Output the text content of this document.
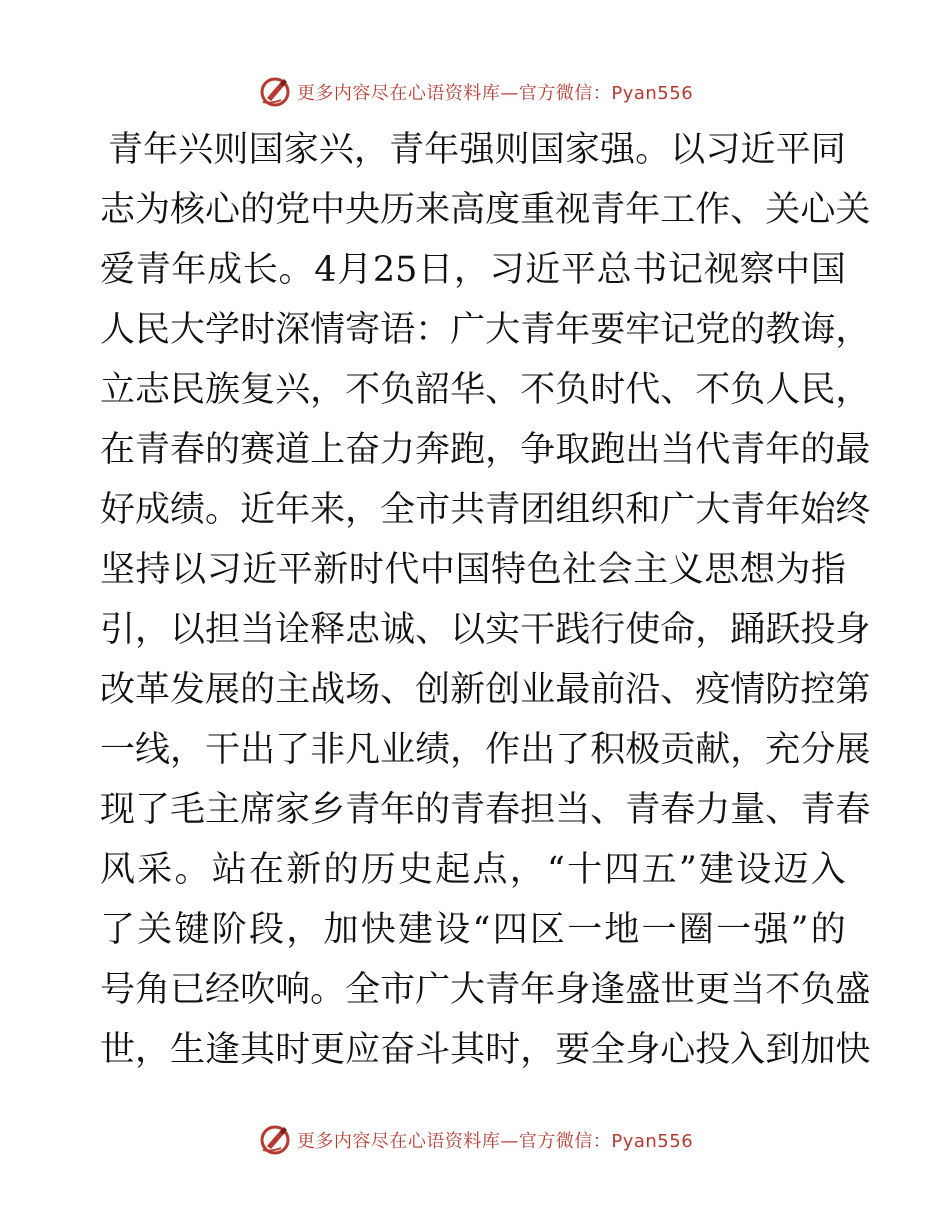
更多内容尽在心语资料库—官方微信：Pyan556
青 年 兴 则 国 家 兴 ， 青 年 强 则 国 家 强 。 以 习 近 平 同
志 为 核 心 的 党 中 央 历 来 高 度 重 视 青 年 工 作 、 关 心 关
爱 青 年 成 长 。 4 月 25 日 ， 习 近 平 总 书 记 视 察 中 国
人 民 大 学 时 深 情 寄 语 ： 广 大 青 年 要 牢 记 党 的 教 诲 ，
立 志 民 族 复 兴 ， 不 负 韶 华 、 不 负 时 代 、 不 负 人 民 ，
在 青 春 的 赛 道 上 奋 力 奔 跑 ， 争 取 跑 出 当 代 青 年 的 最
好 成 绩 。 近 年 来 ， 全 市 共 青 团 组 织 和 广 大 青 年 始 终
坚 持 以 习 近 平 新 时 代 中 国 特 色 社 会 主 义 思 想 为 指
引 ， 以 担 当 诠 释 忠 诚 、 以 实 干 践 行 使 命 ， 踊 跃 投 身
改 革 发 展 的 主 战 场 、 创 新 创 业 最 前 沿 、 疫 情 防 控 第
一 线 ， 干 出 了 非 凡 业 绩 ， 作 出 了 积 极 贡 献 ， 充 分 展
现 了 毛 主 席 家 乡 青 年 的 青 春 担 当 、 青 春 力 量 、 青 春
风 采 。 站 在 新 的 历 史 起 点 ， “ 十 四 五 ” 建 设 迈 入
了 关 键 阶 段 ， 加 快 建 设 “ 四 区 一 地 一 圈 一 强 ” 的
号 角 已 经 吹 响 。 全 市 广 大 青 年 身 逢 盛 世 更 当 不 负 盛
世 ， 生 逢 其 时 更 应 奋 斗 其 时 ， 要 全 身 心 投 入 到 加 快
更多内容尽在心语资料库—官方微信：Pyan556
